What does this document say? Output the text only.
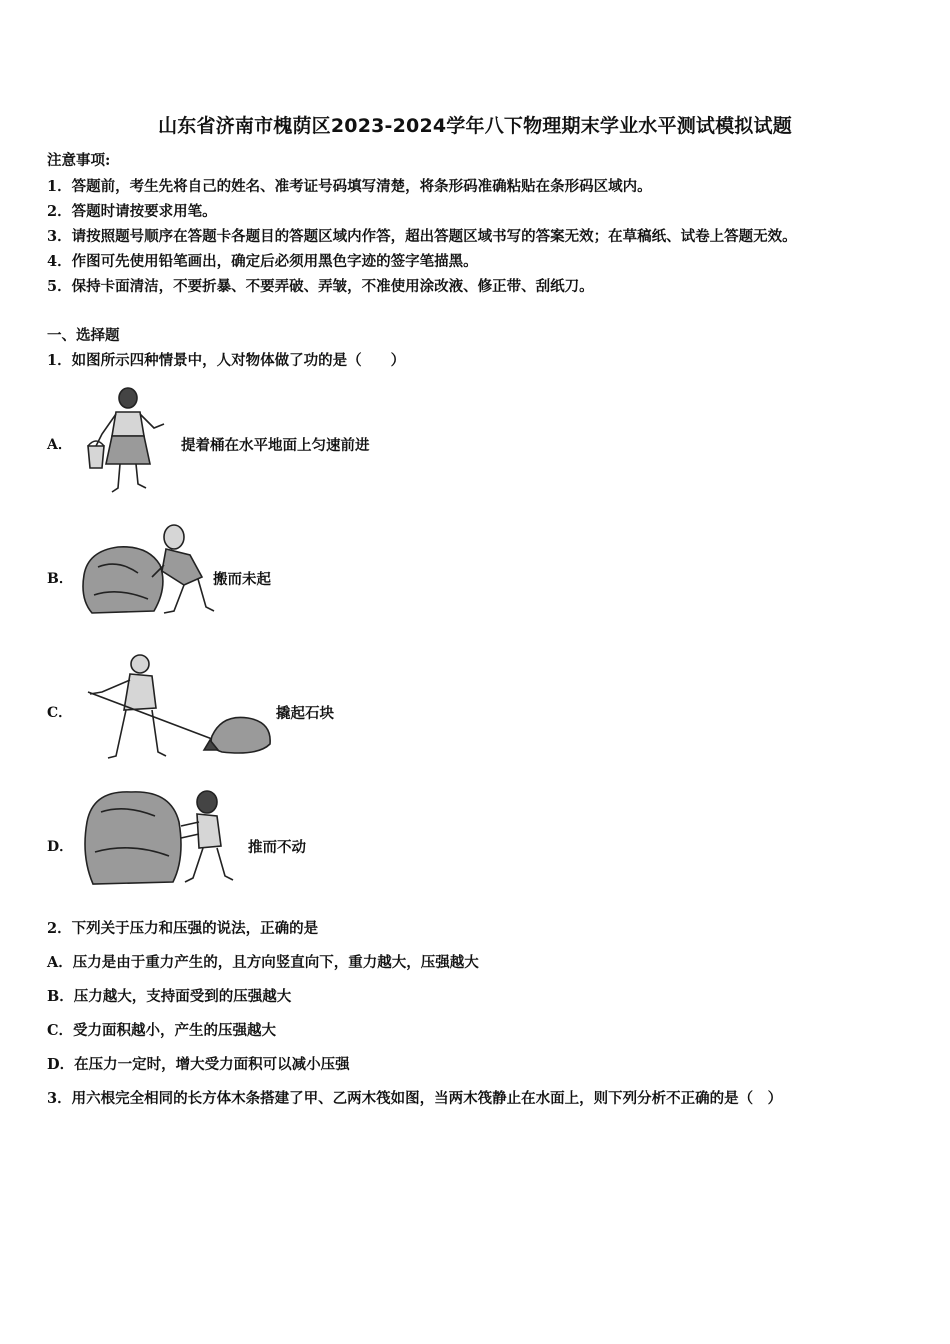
山东省济南市槐荫区2023-2024学年八下物理期末学业水平测试模拟试题
注意事项:
1．答题前，考生先将自己的姓名、准考证号码填写清楚，将条形码准确粘贴在条形码区域内。
2．答题时请按要求用笔。
3．请按照题号顺序在答题卡各题目的答题区域内作答，超出答题区域书写的答案无效；在草稿纸、试卷上答题无效。
4．作图可先使用铅笔画出，确定后必须用黑色字迹的签字笔描黑。
5．保持卡面清洁，不要折暴、不要弄破、弄皱，不准使用涂改液、修正带、刮纸刀。
一、选择题
1．如图所示四种情景中，人对物体做了功的是（　　）
A．	提着桶在水平地面上匀速前进
B．	搬而未起
C．	撬起石块
D．	推而不动
2．下列关于压力和压强的说法，正确的是
A．压力是由于重力产生的，且方向竖直向下，重力越大，压强越大
B．压力越大，支持面受到的压强越大
C．受力面积越小，产生的压强越大
D．在压力一定时，增大受力面积可以减小压强
3．用六根完全相同的长方体木条搭建了甲、乙两木筏如图，当两木筏静止在水面上，则下列分析不正确的是（　）
